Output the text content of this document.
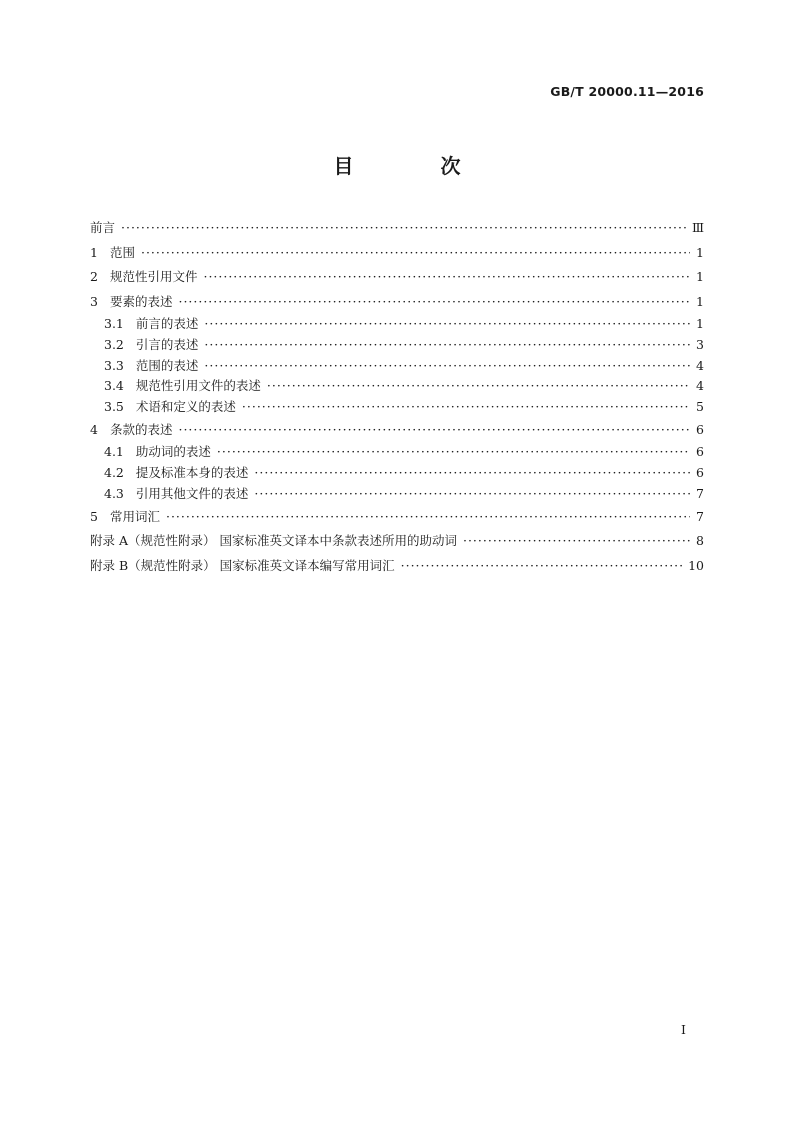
GB/T 20000.11—2016
目 次
前言 ·····	Ⅲ
1 范围 ·····	1
2 规范性引用文件 ·····	1
3 要素的表述 ·····	1
3.1 前言的表述 ·····	1
3.2 引言的表述 ·····	3
3.3 范围的表述 ·····	4
3.4 规范性引用文件的表述 ·····	4
3.5 术语和定义的表述 ·····	5
4 条款的表述 ·····	6
4.1 助动词的表述 ·····	6
4.2 提及标准本身的表述 ·····	6
4.3 引用其他文件的表述 ·····	7
5 常用词汇 ·····	7
附录 A（规范性附录） 国家标准英文译本中条款表述所用的助动词 ·····	8
附录 B（规范性附录） 国家标准英文译本编写常用词汇 ·····	10
I
